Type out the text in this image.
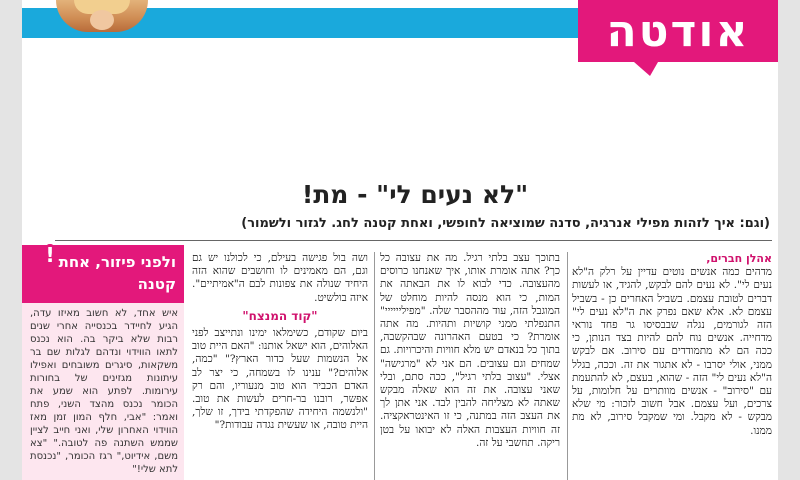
אודטה
"לא נעים לי" - מת!
(וגם: איך לזהות מפילי אנרגיה, סדנה שמוציאה לחופשי, ואחת קטנה לחג. לגזור ולשמור)

אהלן חברים,

מדהים כמה אנשים נוטים עדיין על רלק ה"לא נעים לי". לא נעים להם לבקש, להגיד, או לעשות דברים לטובת עצמם. בשביל האחרים כן - בשביל עצמם לא. אלא שאם נפרק את ה"לא נעים לי" הזה לגורמים, נגלה שבבסיסו גר פחד נוראי מדחייה. אנשים נוח להם להיות בצד הנותן, כי ככה הם לא מתמודדים עם סירוב. אם לבקש ממני, אולי יסרבו - לא אתגור את זה. וככה, בגלל ה"לא נעים לי" הזה - שהוא, בעצם, לא להתעמת עם "סירוב" - אנשים מוותרים על חלומות, על צרכים, ועל עצמם. אבל חשוב לזכור: מי שלא מבקש - לא מקבל. ומי שמקבל סירוב, לא מת ממנו.

בתוכך עצב בלתי רגיל. מה את עצובה כל כך? אתה אומרת אותו, איך שאנחנו כרוסים מהעצובה. כדי לבוא לו את הבאתה את המות, כי הוא מנסה להיות מוחלט של המוגבל הזה, עוד מההסבר שלה. "מפיליייייי" התנפלתי ממני קושיות ותהיות. מה אתה אומרת? כי בטעם האהרונה שבהקשבה, בתוך כל בנאדם יש מלא חוויות והיכרויות. גם שמחים וגם עצובים. הם אני לא "מרגישה" אצלי. "עצוב בלתי רגיל", ככה סתם, ובלי שאני עצובה. את זה הוא שאלה מבקש שאתה לא מצליחה להבין לבד. אני אתן לך את העצב הזה במתנה, כי זו האינטראקציה. זה חוויות העצבות האלה לא יבואו על בטן ריקה. תחשבי על זה.

ושה בול פגישה בעילם, כי לכולנו יש גם וגם, הם מאמינים לו וחושבים שהוא הזה היחיד שנולה את צפונות לבם ה"אמיתיים". איזה בולשיט.

"קוד המנצח"

ביום שקודם, כשימלאו ימינו ונתייצב לפני האלוהים, הוא ישאל אותנו: "האם היית טוב אל הנשמות שעל כדור הארץ?" "כמה, אלוהים?" ענינו לו בשמחה, כי יצר לב האדם הכביר הוא טוב מנעוריו, והם רק אפשר, רובנו בר-חרים לעשות את טוב. "ולנשמה היחידה שהפקדתי בידך, זו שלך, היית טובה, או שעשית נגדה עבודות?"

ולפני פיזור, אחת קטנה

איש אחד, לא חשוב מאיזו עדה, הגיע לחיידר בכנסייה אחרי שנים רבות שלא ביקר בה. הוא נכנס לתאו הווידוי ונדהם לגלות שם בר משקאות, סיגרים משובחים ואפילו עיתונות מגזינים של בחורות עירומות. לפתע הוא שמע את הכומר נכנס מהצד השני, פתח ואמר: "אבי, חלף המון זמן מאז הווידוי האחרון שלי, ואני חייב לציין שממש השתנה פה לטובה." "צא משם, אידיוט," רגז הכומר, "נכנסת לתא שלי!"

!
